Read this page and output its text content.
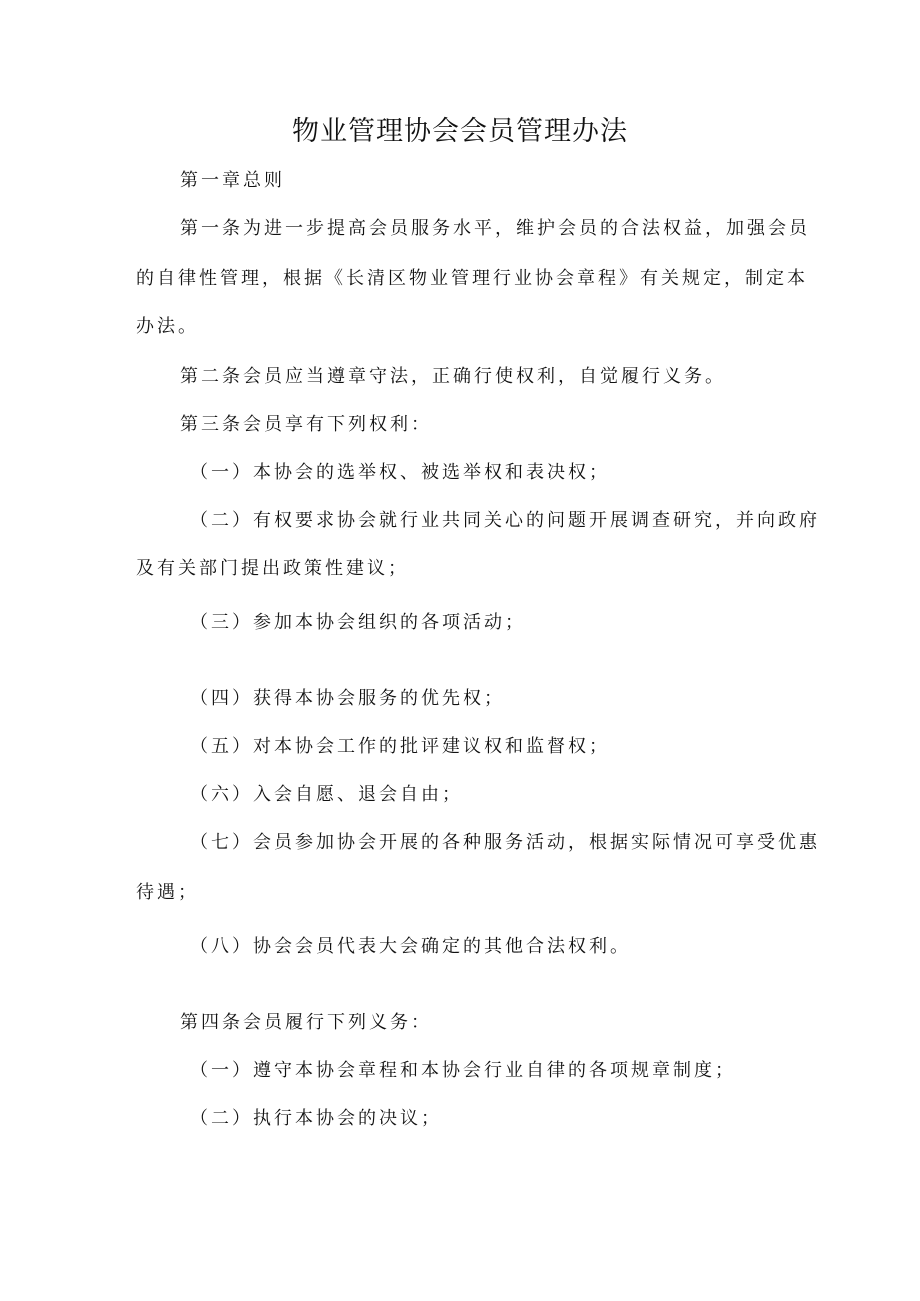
物业管理协会会员管理办法

第一章总则

第一条为进一步提高会员服务水平，维护会员的合法权益，加强会员

的自律性管理，根据《长清区物业管理行业协会章程》有关规定，制定本

办法。

第二条会员应当遵章守法，正确行使权利，自觉履行义务。

第三条会员享有下列权利：

（一）本协会的选举权、被选举权和表决权；

（二）有权要求协会就行业共同关心的问题开展调查研究，并向政府

及有关部门提出政策性建议；

（三）参加本协会组织的各项活动；

（四）获得本协会服务的优先权；

（五）对本协会工作的批评建议权和监督权；

（六）入会自愿、退会自由；

（七）会员参加协会开展的各种服务活动，根据实际情况可享受优惠

待遇；

（八）协会会员代表大会确定的其他合法权利。

第四条会员履行下列义务：

（一）遵守本协会章程和本协会行业自律的各项规章制度；

（二）执行本协会的决议；
